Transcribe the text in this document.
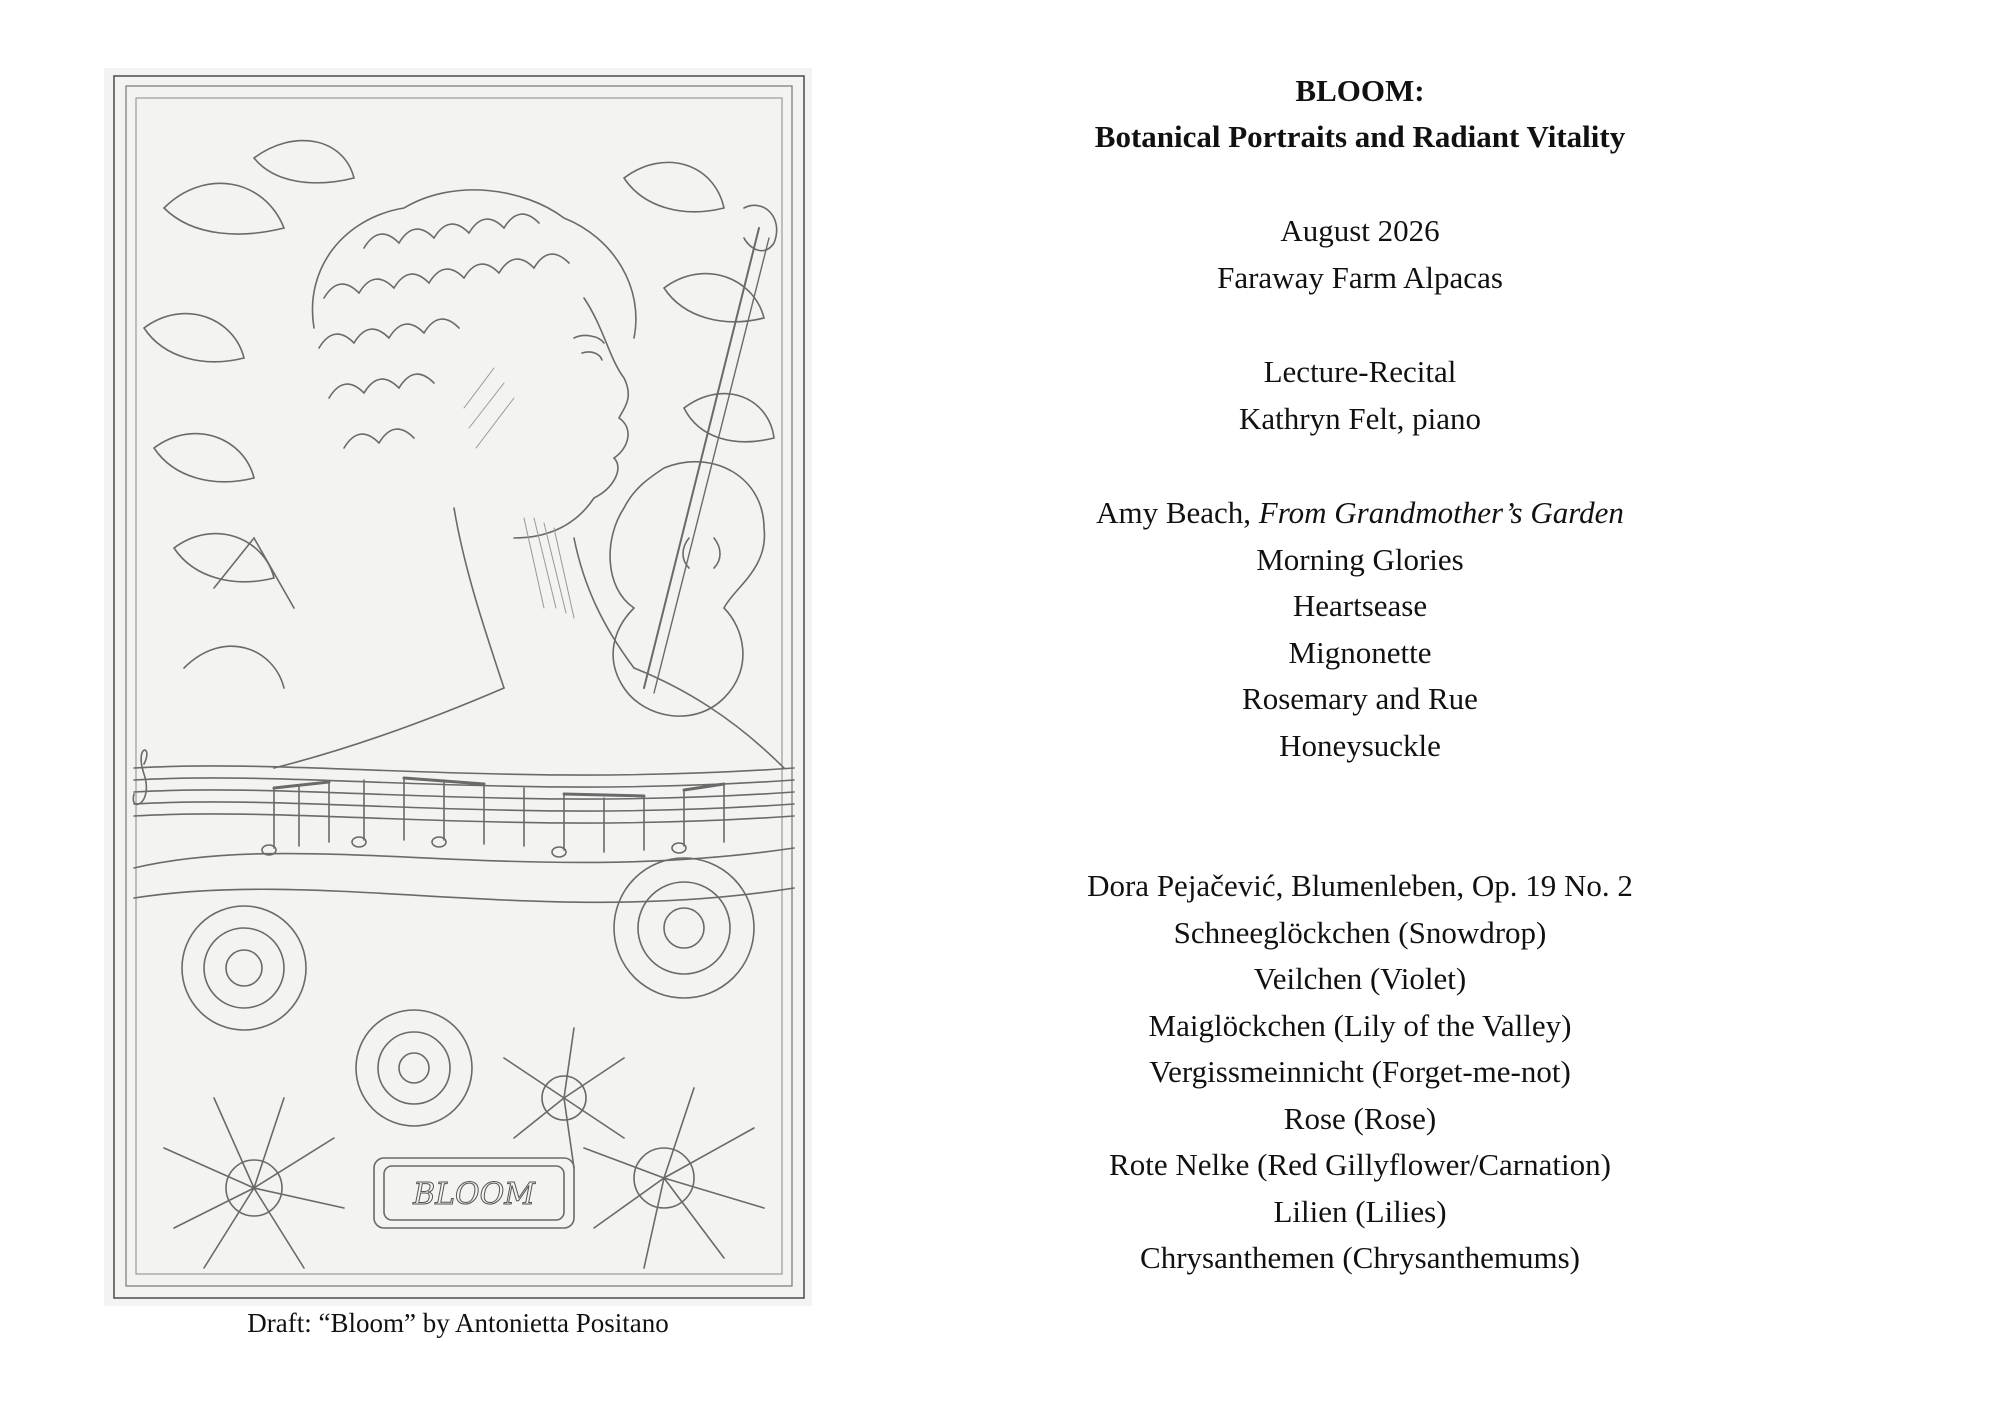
BLOOM
Draft: “Bloom” by Antonietta Positano
BLOOM:
Botanical Portraits and Radiant Vitality
August 2026
Faraway Farm Alpacas
Lecture-Recital
Kathryn Felt, piano
Amy Beach, From Grandmother’s Garden
Morning Glories
Heartsease
Mignonette
Rosemary and Rue
Honeysuckle
Dora Pejačević, Blumenleben, Op. 19 No. 2
Schneeglöckchen (Snowdrop)
Veilchen (Violet)
Maiglöckchen (Lily of the Valley)
Vergissmeinnicht (Forget-me-not)
Rose (Rose)
Rote Nelke (Red Gillyflower/Carnation)
Lilien (Lilies)
Chrysanthemen (Chrysanthemums)
